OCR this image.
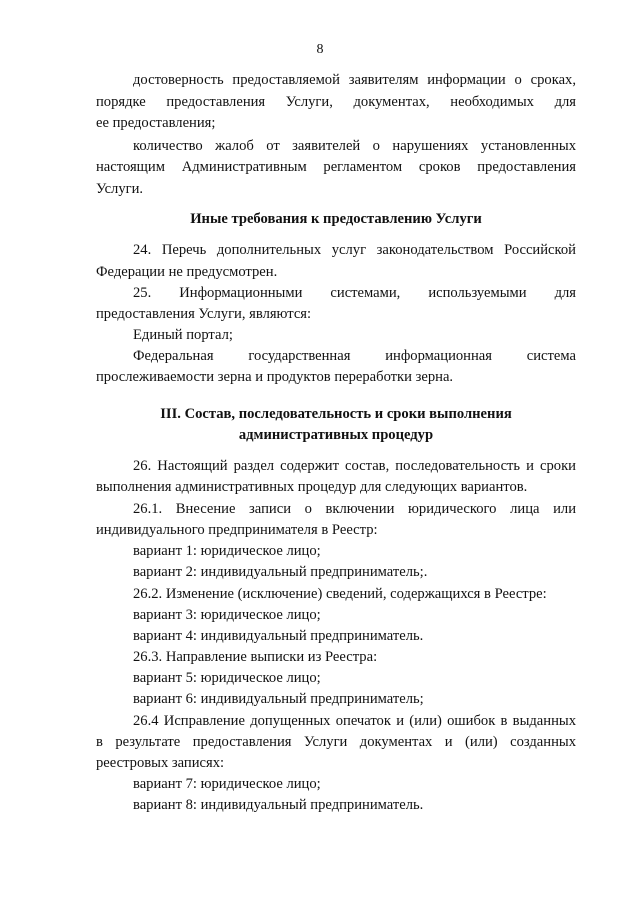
8
достоверность предоставляемой заявителям информации о сроках,
порядке предоставления Услуги, документах, необходимых для
ее предоставления;
количество жалоб от заявителей о нарушениях установленных
настоящим Административным регламентом сроков предоставления
Услуги.
Иные требования к предоставлению Услуги
24. Перечь дополнительных услуг законодательством Российской
Федерации не предусмотрен.
25. Информационными системами, используемыми для
предоставления Услуги, являются:
Единый портал;
Федеральная государственная информационная система
прослеживаемости зерна и продуктов переработки зерна.
III. Состав, последовательность и сроки выполнения
административных процедур
26. Настоящий раздел содержит состав, последовательность и сроки
выполнения административных процедур для следующих вариантов.
26.1. Внесение записи о включении юридического лица или
индивидуального предпринимателя в Реестр:
вариант 1: юридическое лицо;
вариант 2: индивидуальный предприниматель;.
26.2. Изменение (исключение) сведений, содержащихся в Реестре:
вариант 3: юридическое лицо;
вариант 4: индивидуальный предприниматель.
26.3. Направление выписки из Реестра:
вариант 5: юридическое лицо;
вариант 6: индивидуальный предприниматель;
26.4 Исправление допущенных опечаток и (или) ошибок в выданных
в результате предоставления Услуги документах и (или) созданных
реестровых записях:
вариант 7: юридическое лицо;
вариант 8: индивидуальный предприниматель.
